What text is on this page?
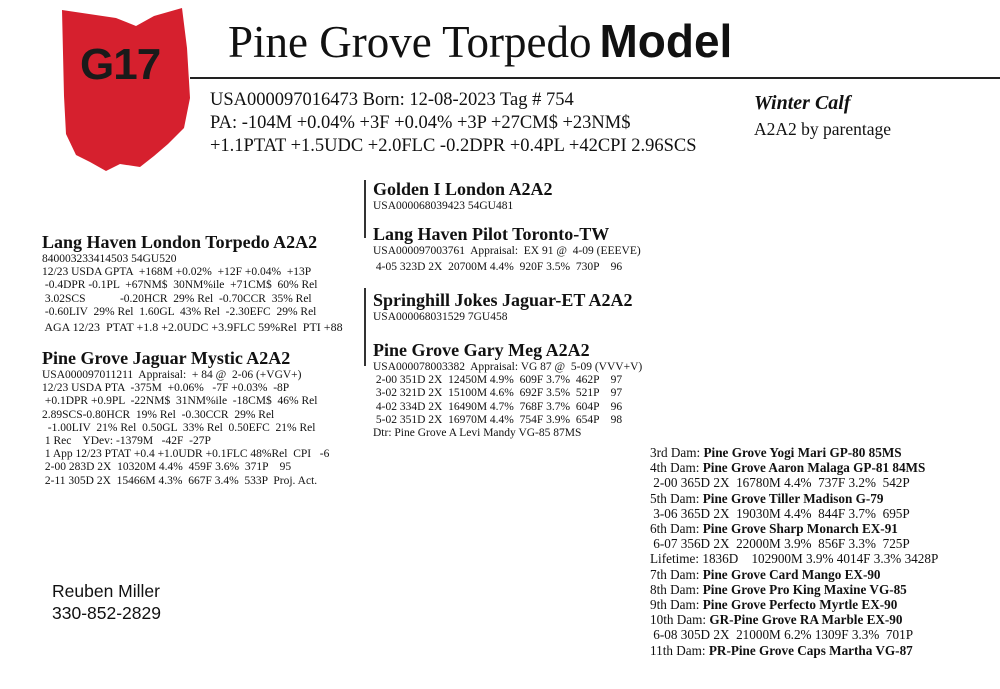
G17 Pine Grove Torpedo Model
USA000097016473 Born: 12-08-2023 Tag # 754
PA: -104M +0.04% +3F +0.04% +3P +27CM$ +23NM$
+1.1PTAT +1.5UDC +2.0FLC -0.2DPR +0.4PL +42CPI 2.96SCS
Winter Calf
A2A2 by parentage
Lang Haven London Torpedo A2A2
840003233414503 54GU520
12/23 USDA GPTA  +168M +0.02%  +12F +0.04%  +13P
-0.4DPR -0.1PL  +67NM$  30NM%ile  +71CM$  60% Rel
3.02SCS            -0.20HCR  29% Rel  -0.70CCR  35% Rel
-0.60LIV  29% Rel  1.60GL  43% Rel  -2.30EFC  29% Rel
AGA 12/23  PTAT +1.8 +2.0UDC +3.9FLC 59%Rel  PTI +88
Pine Grove Jaguar Mystic A2A2
USA000097011211  Appraisal:  + 84 @  2-06 (+VGV+)
12/23 USDA PTA  -375M  +0.06%   -7F +0.03%  -8P
+0.1DPR +0.9PL  -22NM$  31NM%ile  -18CM$  46% Rel
2.89SCS-0.80HCR  19% Rel  -0.30CCR  29% Rel
-1.00LIV  21% Rel  0.50GL  33% Rel  0.50EFC  21% Rel
1 Rec    YDev: -1379M   -42F  -27P
1 App 12/23 PTAT +0.4 +1.0UDR +0.1FLC 48%Rel  CPI   -6
2-00 283D 2X  10320M 4.4%  459F 3.6%  371P    95
2-11 305D 2X  15466M 4.3%  667F 3.4%  533P  Proj. Act.
Golden I London A2A2
USA000068039423 54GU481
Lang Haven Pilot Toronto-TW
USA000097003761  Appraisal:  EX 91 @  4-09 (EEEVE)
4-05 323D 2X  20700M 4.4%  920F 3.5%  730P    96
Springhill Jokes Jaguar-ET A2A2
USA000068031529 7GU458
Pine Grove Gary Meg A2A2
USA000078003382  Appraisal: VG 87 @  5-09 (VVV+V)
2-00 351D 2X  12450M 4.9%  609F 3.7%  462P    97
3-02 321D 2X  15100M 4.6%  692F 3.5%  521P    97
4-02 334D 2X  16490M 4.7%  768F 3.7%  604P    96
5-02 351D 2X  16970M 4.4%  754F 3.9%  654P    98
Dtr: Pine Grove A Levi Mandy VG-85 87MS
3rd Dam: Pine Grove Yogi Mari GP-80 85MS
4th Dam: Pine Grove Aaron Malaga GP-81 84MS
2-00 365D 2X  16780M 4.4%  737F 3.2%  542P
5th Dam: Pine Grove Tiller Madison G-79
3-06 365D 2X  19030M 4.4%  844F 3.7%  695P
6th Dam: Pine Grove Sharp Monarch EX-91
6-07 356D 2X  22000M 3.9%  856F 3.3%  725P
Lifetime: 1836D    102900M 3.9% 4014F 3.3% 3428P
7th Dam: Pine Grove Card Mango EX-90
8th Dam: Pine Grove Pro King Maxine VG-85
9th Dam: Pine Grove Perfecto Myrtle EX-90
10th Dam: GR-Pine Grove RA Marble EX-90
6-08 305D 2X  21000M 6.2% 1309F 3.3%  701P
11th Dam: PR-Pine Grove Caps Martha VG-87
Reuben Miller
330-852-2829
